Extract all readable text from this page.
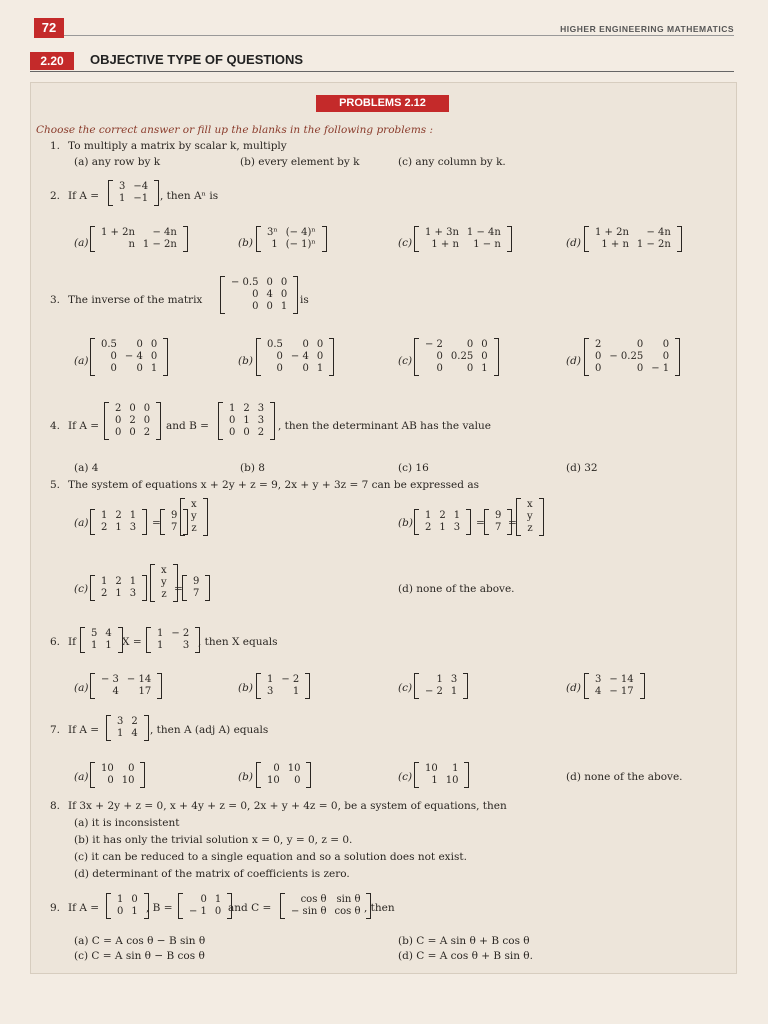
72	HIGHER ENGINEERING MATHEMATICS
2.20	OBJECTIVE TYPE OF QUESTIONS
PROBLEMS 2.12
Choose the correct answer or fill up the blanks in the following problems :
1. To multiply a matrix by scalar k, multiply
(a) any row by k	(b) every element by k	(c) any column by k.
2. If A =
3	−4
1	−1 , then Aⁿ is
(a)
1 + 2n	− 4n
n	1 − 2n	(b)
3ⁿ	(− 4)ⁿ
1	(− 1)ⁿ	(c)
1 + 3n	1 − 4n
1 + n	1 − n	(d)
1 + 2n	− 4n
1 + n	1 − 2n
3. The inverse of the matrix
− 0.5	0	0
0	4	0
0	0	1
is
(a)
0.5	0	0
0	− 4	0
0	0	1
(b)
0.5	0	0
0	− 4	0
0	0	1
(c)
− 2	0	0
0	0.25	0
0	0	1
(d)
2	0	0
0	− 0.25	0
0	0	− 1
4. If A =
2	0	0
0	2	0
0	0	2
and B =
1	2	3
0	1	3
0	0	2
, then the determinant AB has the value
(a) 4	(b) 8	(c) 16	(d) 32
5. The system of equations x + 2y + z = 9, 2x + y + 3z = 7 can be expressed as
(a)
1	2	1
2	1	3 =
9
7
x
y
z	(b)
1	2	1
2	1	3 =
9
7 =
x
y
z
(c)
1	2	1
2	1	3
x
y
z =
9
7	(d) none of the above.
6. If
5	4
1	1 X =
1	− 2
1	3 , then X equals
(a)
− 3	− 14
4	17	(b)
1	− 2
3	1	(c)
1	3
− 2	1	(d)
3	− 14
4	− 17
7. If A =
3	2
1	4 , then A (adj A) equals
(a)
10	0
0	10	(b)
0	10
10	0	(c)
10	1
1	10	(d) none of the above.
8. If 3x + 2y + z = 0, x + 4y + z = 0, 2x + y + 4z = 0, be a system of equations, then
(a) it is inconsistent
(b) it has only the trivial solution x = 0, y = 0, z = 0.
(c) it can be reduced to a single equation and so a solution does not exist.
(d) determinant of the matrix of coefficients is zero.
9. If A =
1	0
0	1 , B =
0	1
− 1	0 and C =
cos θ	sin θ
− sin θ	cos θ , then
(a) C = A cos θ − B sin θ	(b) C = A sin θ + B cos θ
(c) C = A sin θ − B cos θ	(d) C = A cos θ + B sin θ.
